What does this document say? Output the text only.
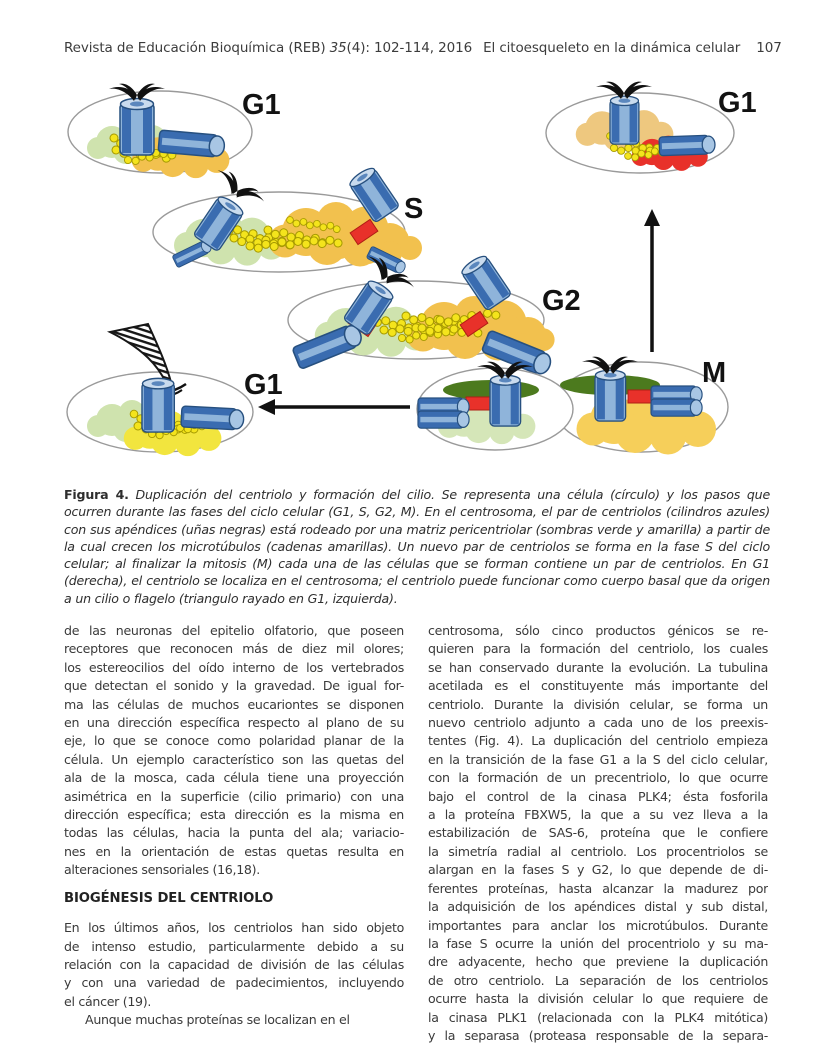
Revista de Educación Bioquímica (REB) 35 (4): 102-114, 2016 El citoesqueleto en la dinámica celular	107
G1
S
G2
G1
M
G1

Figura 4. Duplicación del centriolo y formación del cilio. Se representa una célula (círculo) y los pasos que ocurren durante las fases del ciclo celular (G1, S, G2, M). En el centrosoma, el par de centriolos (cilindros azules) con sus apéndices (uñas negras) está rodeado por una matriz pericentriolar (sombras verde y amarilla) a partir de la cual crecen los microtúbulos (cadenas amarillas). Un nuevo par de centriolos se forma en la fase S del ciclo celular; al finalizar la mitosis (M) cada una de las células que se forman contiene un par de centriolos. En G1 (derecha), el centriolo se localiza en el centrosoma; el centriolo puede funcionar como cuerpo basal que da origen a un cilio o flagelo (triangulo rayado en G1, izquierda).

de las neuronas del epitelio olfatorio, que poseen
receptores que reconocen más de diez mil olores;
los estereocilios del oído interno de los vertebrados
que detectan el sonido y la gravedad. De igual for-
ma las células de muchos eucariontes se disponen
en una dirección específica respecto al plano de su
eje, lo que se conoce como polaridad planar de la
célula. Un ejemplo característico son las quetas del
ala de la mosca, cada célula tiene una proyección
asimétrica en la superficie (cilio primario) con una
dirección específica; esta dirección es la misma en
todas las células, hacia la punta del ala; variacio-
nes en la orientación de estas quetas resulta en
alteraciones sensoriales (16,18).
BIOGÉNESIS DEL CENTRIOLO
En los últimos años, los centriolos han sido objeto
de intenso estudio, particularmente debido a su
relación con la capacidad de división de las células
y con una variedad de padecimientos, incluyendo
el cáncer (19).
Aunque muchas proteínas se localizan en el
centrosoma, sólo cinco productos génicos se re-
quieren para la formación del centriolo, los cuales
se han conservado durante la evolución. La tubulina
acetilada es el constituyente más importante del
centriolo. Durante la división celular, se forma un
nuevo centriolo adjunto a cada uno de los preexis-
tentes (Fig. 4). La duplicación del centriolo empieza
en la transición de la fase G1 a la S del ciclo celular,
con la formación de un precentriolo, lo que ocurre
bajo el control de la cinasa PLK4; ésta fosforila
a la proteína FBXW5, la que a su vez lleva a la
estabilización de SAS-6, proteína que le confiere
la simetría radial al centriolo. Los procentriolos se
alargan en la fases S y G2, lo que depende de di-
ferentes proteínas, hasta alcanzar la madurez por
la adquisición de los apéndices distal y sub distal,
importantes para anclar los microtúbulos. Durante
la fase S ocurre la unión del procentriolo y su ma-
dre adyacente, hecho que previene la duplicación
de otro centriolo. La separación de los centriolos
ocurre hasta la división celular lo que requiere de
la cinasa PLK1 (relacionada con la PLK4 mitótica)
y la separasa (proteasa responsable de la separa-
